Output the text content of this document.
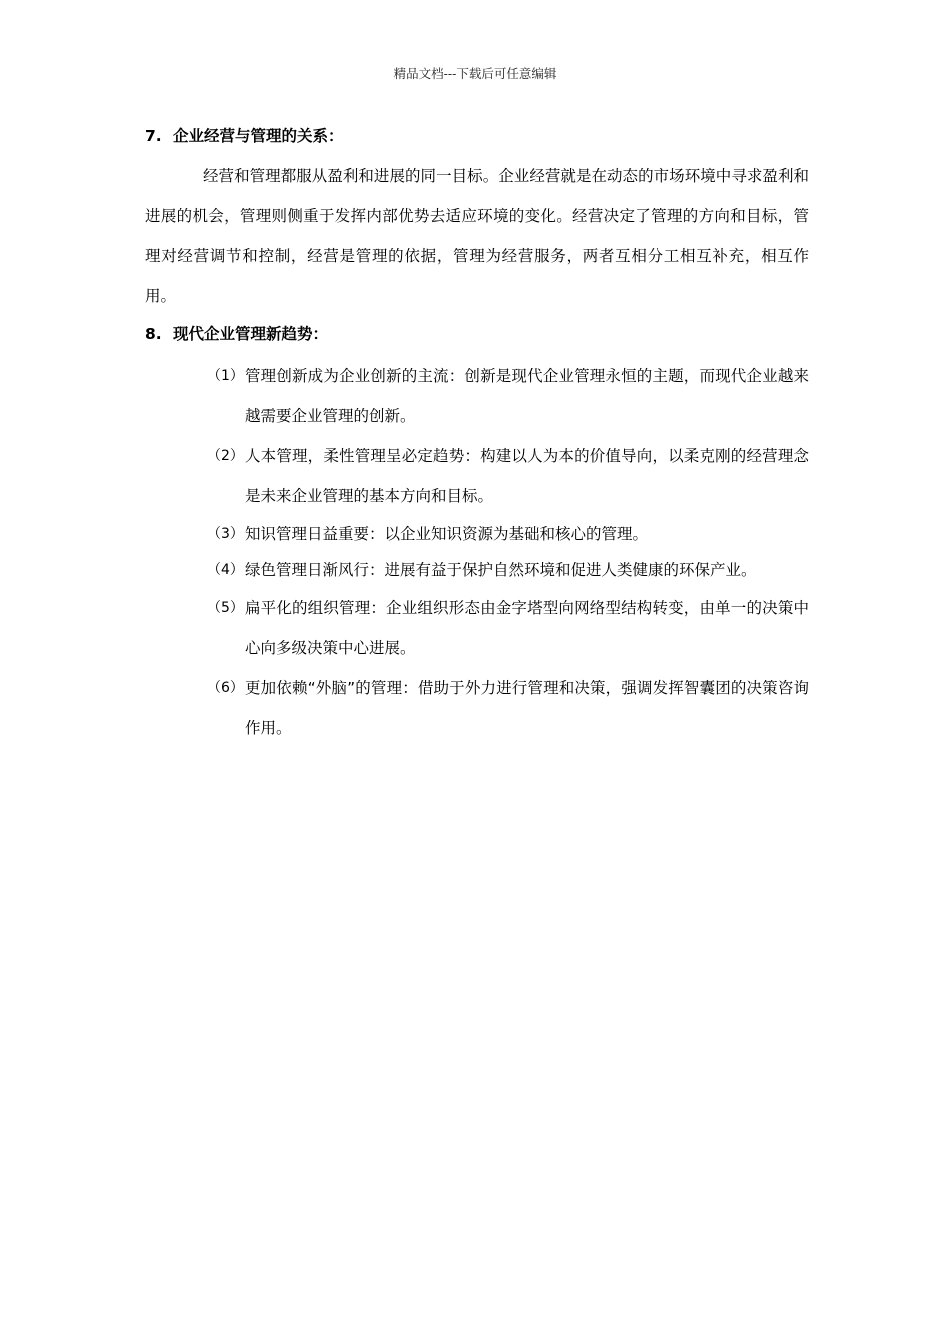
精品文档---下载后可任意编辑
7. 企业经营与管理的关系：

经营和管理都服从盈利和进展的同一目标。企业经营就是在动态的市场环境中寻求盈利和进展的机会，管理则侧重于发挥内部优势去适应环境的变化。经营决定了管理的方向和目标，管理对经营调节和控制，经营是管理的依据，管理为经营服务，两者互相分工相互补充，相互作用。

8. 现代企业管理新趋势：
（1） 管理创新成为企业创新的主流：创新是现代企业管理永恒的主题，而现代企业越来越需要企业管理的创新。
（2） 人本管理，柔性管理呈必定趋势：构建以人为本的价值导向，以柔克刚的经营理念是未来企业管理的基本方向和目标。
（3） 知识管理日益重要：以企业知识资源为基础和核心的管理。
（4） 绿色管理日渐风行：进展有益于保护自然环境和促进人类健康的环保产业。
（5） 扁平化的组织管理：企业组织形态由金字塔型向网络型结构转变，由单一的决策中心向多级决策中心进展。
（6） 更加依赖“外脑”的管理：借助于外力进行管理和决策，强调发挥智囊团的决策咨询作用。
